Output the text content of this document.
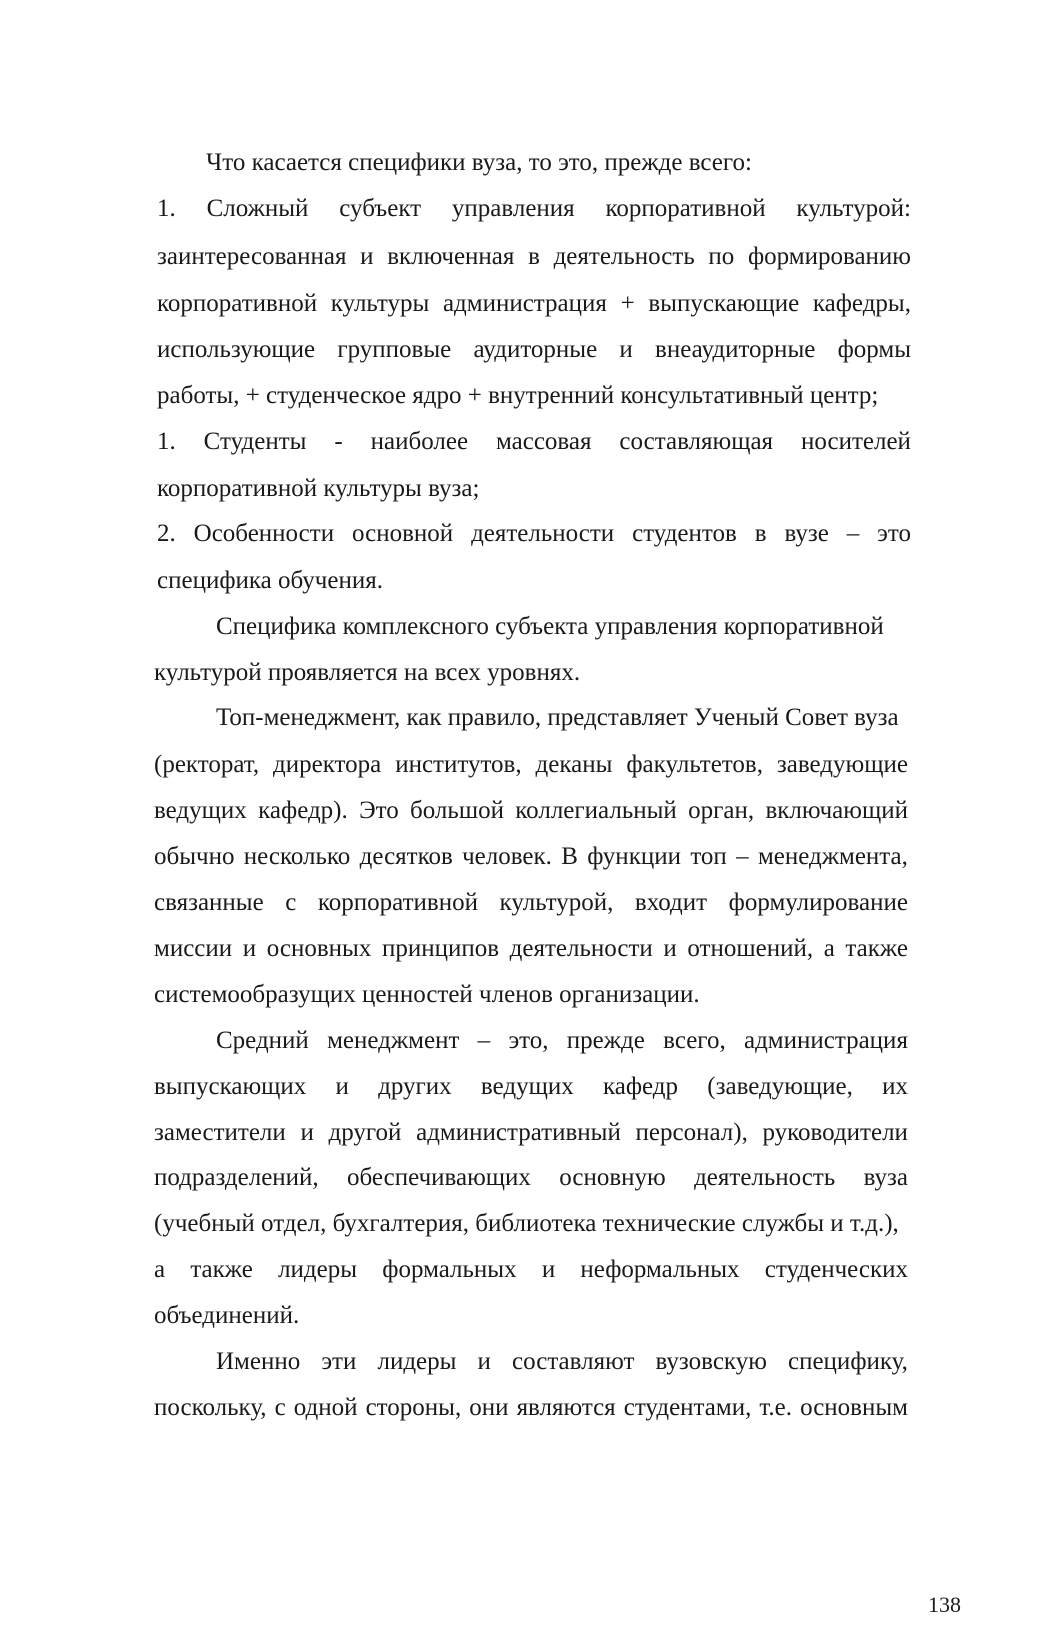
Что касается специфики вуза, то это, прежде всего:
1. Сложный субъект управления корпоративной культурой:
заинтересованная и включенная в деятельность по формированию
корпоративной культуры администрация + выпускающие кафедры,
использующие групповые аудиторные и внеаудиторные формы
работы, + студенческое ядро + внутренний консультативный центр;
1. Студенты - наиболее массовая составляющая носителей
корпоративной культуры вуза;
2. Особенности основной деятельности студентов в вузе – это
специфика обучения.
Специфика комплексного субъекта управления корпоративной
культурой проявляется на всех уровнях.
Топ-менеджмент, как правило, представляет Ученый Совет вуза
(ректорат, директора институтов, деканы факультетов, заведующие
ведущих кафедр). Это большой коллегиальный орган, включающий
обычно несколько десятков человек. В функции топ – менеджмента,
связанные с корпоративной культурой, входит формулирование
миссии и основных принципов деятельности и отношений, а также
системообразущих ценностей членов организации.
Средний менеджмент – это, прежде всего, администрация
выпускающих и других ведущих кафедр (заведующие, их
заместители и другой административный персонал), руководители
подразделений, обеспечивающих основную деятельность вуза
(учебный отдел, бухгалтерия, библиотека технические службы и т.д.),
а также лидеры формальных и неформальных студенческих
объединений.
Именно эти лидеры и составляют вузовскую специфику,
поскольку, с одной стороны, они являются студентами, т.е. основным
138
